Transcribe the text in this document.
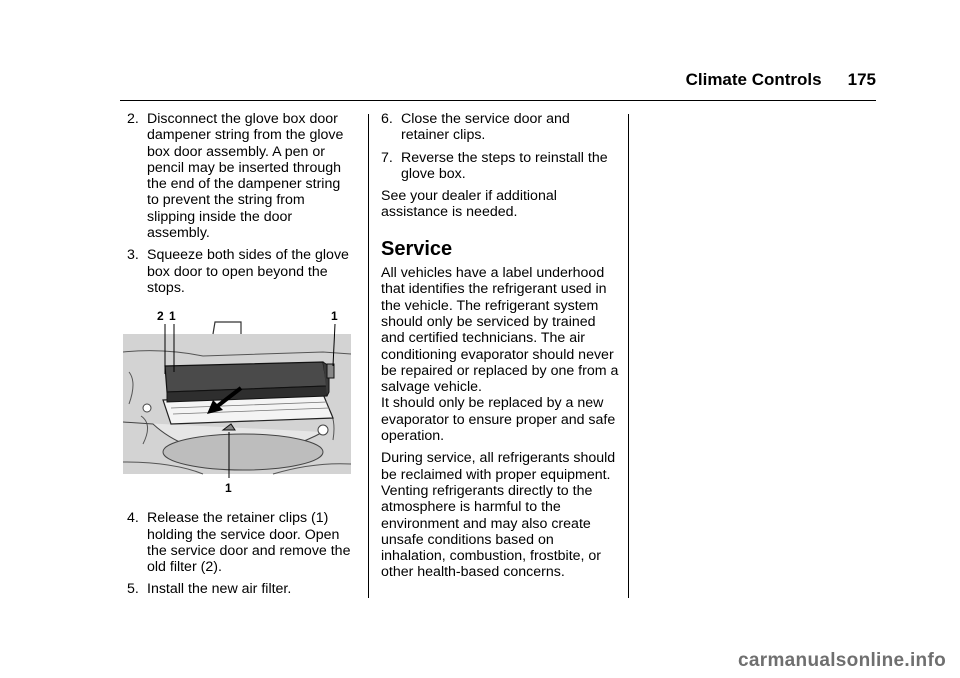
Climate Controls 175
2. Disconnect the glove box door dampener string from the glove box door assembly. A pen or pencil may be inserted through the end of the dampener string to prevent the string from slipping inside the door assembly.
3. Squeeze both sides of the glove box door to open beyond the stops.
2 1	1
1
4. Release the retainer clips (1) holding the service door. Open the service door and remove the old filter (2).
5. Install the new air filter.
6. Close the service door and retainer clips.
7. Reverse the steps to reinstall the glove box.

See your dealer if additional assistance is needed.

Service

All vehicles have a label underhood that identifies the refrigerant used in the vehicle. The refrigerant system should only be serviced by trained and certified technicians. The air conditioning evaporator should never be repaired or replaced by one from a salvage vehicle.

It should only be replaced by a new evaporator to ensure proper and safe operation.

During service, all refrigerants should be reclaimed with proper equipment. Venting refrigerants directly to the atmosphere is harmful to the environment and may also create unsafe conditions based on inhalation, combustion, frostbite, or other health-based concerns.

carmanualsonline.info
